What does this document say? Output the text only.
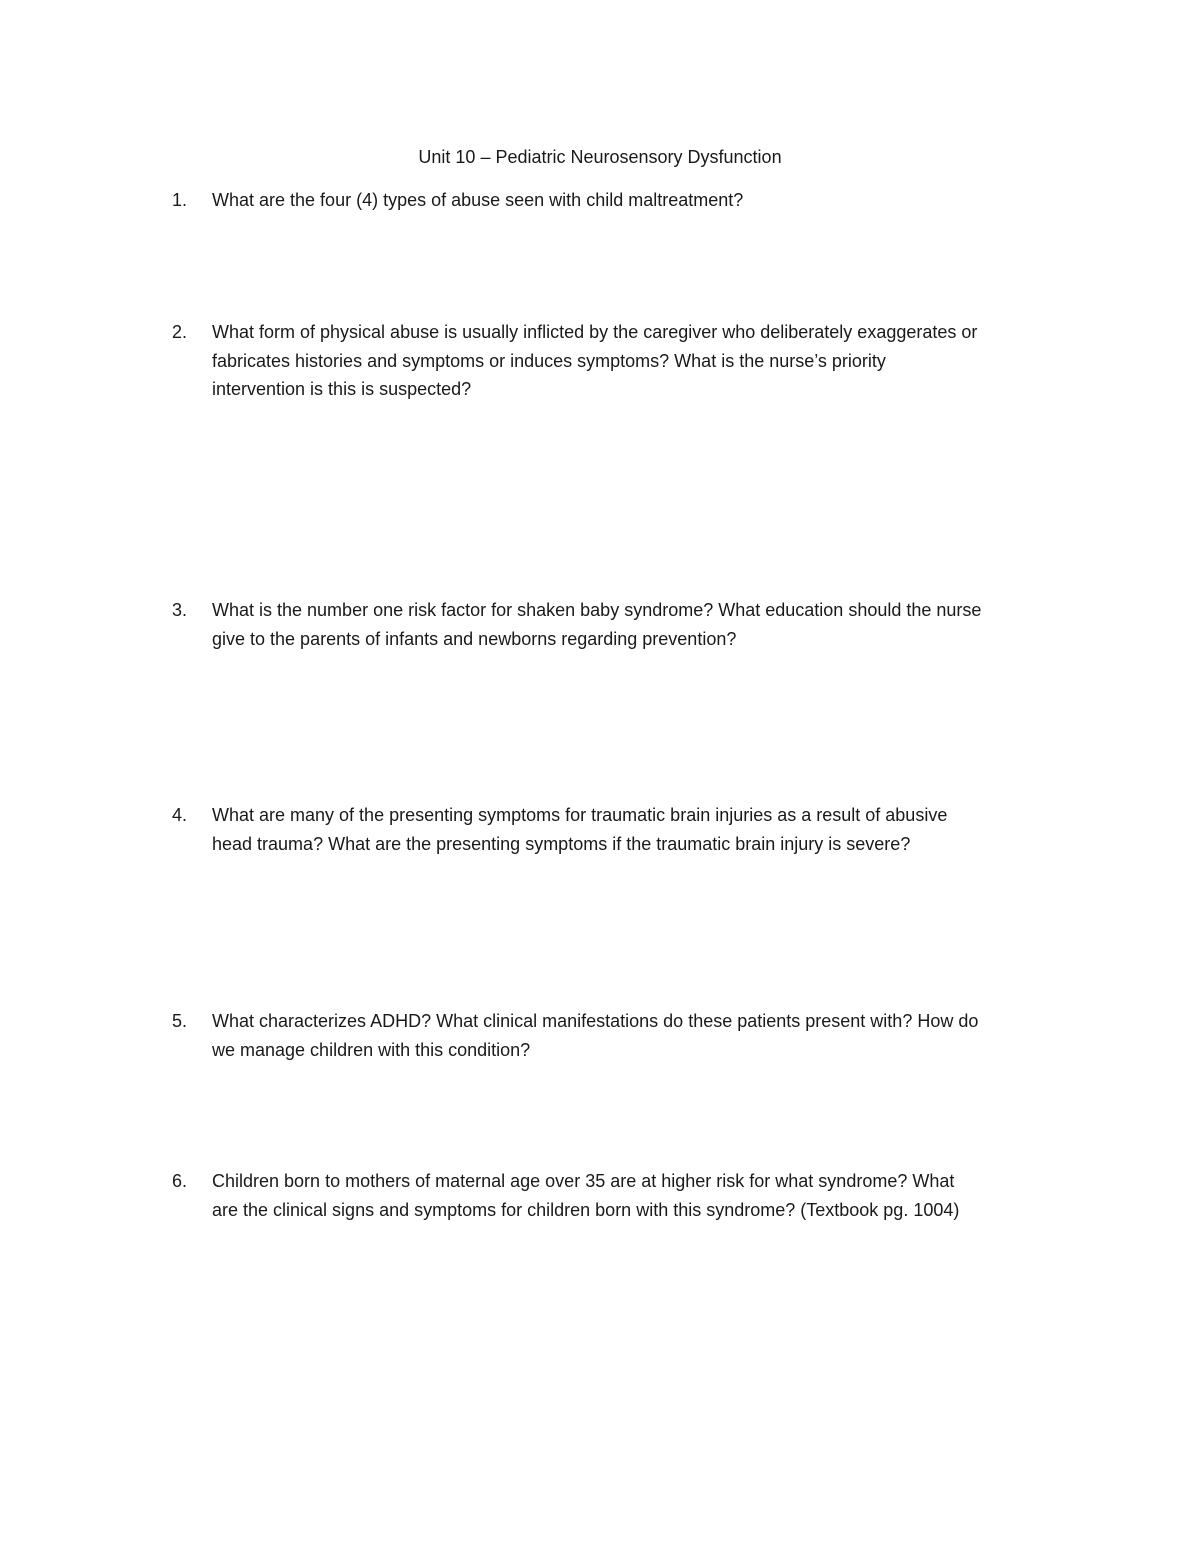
Unit 10 – Pediatric Neurosensory Dysfunction
1.	What are the four (4) types of abuse seen with child maltreatment?
2.	What form of physical abuse is usually inflicted by the caregiver who deliberately exaggerates or
fabricates histories and symptoms or induces symptoms? What is the nurse’s priority
intervention is this is suspected?
3.	What is the number one risk factor for shaken baby syndrome? What education should the nurse
give to the parents of infants and newborns regarding prevention?
4.	What are many of the presenting symptoms for traumatic brain injuries as a result of abusive
head trauma? What are the presenting symptoms if the traumatic brain injury is severe?
5.	What characterizes ADHD? What clinical manifestations do these patients present with? How do
we manage children with this condition?
6.	Children born to mothers of maternal age over 35 are at higher risk for what syndrome? What
are the clinical signs and symptoms for children born with this syndrome? (Textbook pg. 1004)
